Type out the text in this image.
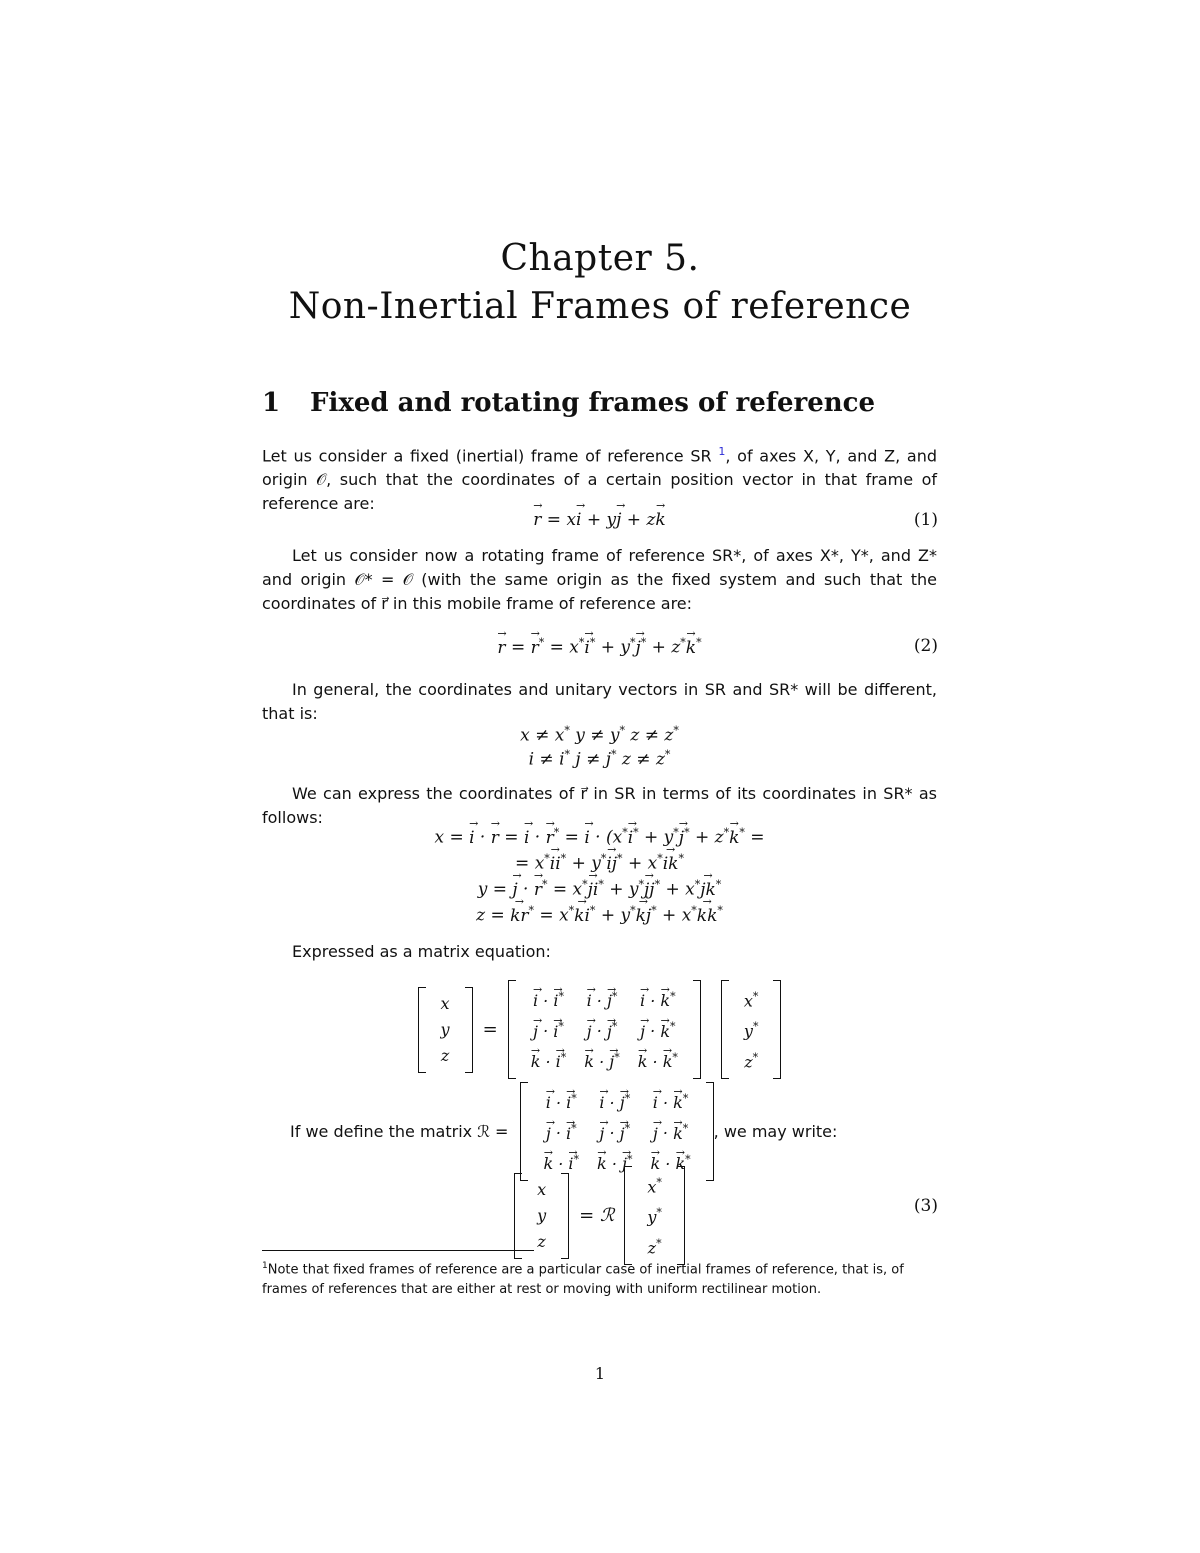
Chapter 5.
Non-Inertial Frames of reference
1 Fixed and rotating frames of reference
Let us consider a fixed (inertial) frame of reference SR $^1$, of axes X, Y, and Z, and origin 𝒪, such that the coordinates of a certain position vector in that frame of reference are:
→ r = x→ i + y→ j + z→ k	(1)
Let us consider now a rotating frame of reference SR*, of axes X*, Y*, and Z* and origin 𝒪* = 𝒪 (with the same origin as the fixed system and such that the coordinates of r⃗ in this mobile frame of reference are:
→ r = → r* = x*→ i* + y*→ j* + z*→ k*	(2)
In general, the coordinates and unitary vectors in SR and SR* will be different, that is:
x ≠ x* y ≠ y* z ≠ z*
i ≠ i* j ≠ j* z ≠ z*
We can express the coordinates of r⃗ in SR in terms of its coordinates in SR* as follows:
x = → i · → r = → i · → r* = → i · (x*→ i* + y*→ j* + z*→ k* =
= x*→ ii* + y*→ ij* + x*→ ik*
y = → j · → r* = x*→ ji* + y*→ jj* + x*→ jk*
z = → kr* = x*→ ki* + y*→ kj* + x*→ kk*
Expressed as a matrix equation:
x
y
z
=
→ i · → i*	→ i · → j*	→ i · → k*
→ j · → i*	→ j · → j*	→ j · → k*
→ k · → i*	→ k · → j*	→ k · → k*
x*
y*
z*
If we define the matrix ℛ =
→ i · → i*	→ i · → j*	→ i · → k*
→ j · → i*	→ j · → j*	→ j · → k*
→ k · → i*	→ k · → j*	→ k · → k*
, we may write:
x
y
z
= ℛ
x*
y*
z*
(3)
$^1$Note that fixed frames of reference are a particular case of inertial frames of reference, that is, of frames of references that are either at rest or moving with uniform rectilinear motion.
1
